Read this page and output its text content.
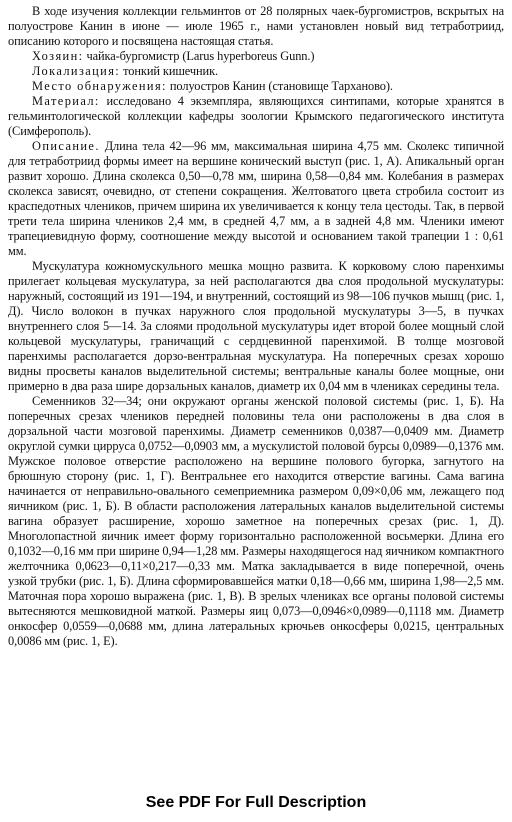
В ходе изучения коллекции гельминтов от 28 полярных чаек-бургомистров, вскрытых на полуострове Канин в июне — июле 1965 г., нами установлен новый вид тетработриид, описанию которого и посвящена настоящая статья.

Хозяин: чайка-бургомистр (Larus hyperboreus Gunn.)

Локализация: тонкий кишечник.

Место обнаружения: полуостров Канин (становище Тарханово).

Материал: исследовано 4 экземпляра, являющихся синтипами, которые хранятся в гельминтологической коллекции кафедры зоологии Крымского педагогического института (Симферополь).

Описание. Длина тела 42—96 мм, максимальная ширина 4,75 мм. Сколекс типичной для тетработриид формы имеет на вершине конический выступ (рис. 1, А). Апикальный орган развит хорошо. Длина сколекса 0,50—0,78 мм, ширина 0,58—0,84 мм. Колебания в размерах сколекса зависят, очевидно, от степени сокращения. Желтоватого цвета стробила состоит из краспедотных члеников, причем ширина их увеличивается к концу тела цестоды. Так, в первой трети тела ширина члеников 2,4 мм, в средней 4,7 мм, а в задней 4,8 мм. Членики имеют трапециевидную форму, соотношение между высотой и основанием такой трапеции 1 : 0,61 мм.

Мускулатура кожномускульного мешка мощно развита. К корковому слою паренхимы прилегает кольцевая мускулатура, за ней располагаются два слоя продольной мускулатуры: наружный, состоящий из 191—194, и внутренний, состоящий из 98—106 пучков мышц (рис. 1, Д). Число волокон в пучках наружного слоя продольной мускулатуры 3—5, в пучках внутреннего слоя 5—14. За слоями продольной мускулатуры идет второй более мощный слой кольцевой мускулатуры, граничащий с сердцевинной паренхимой. В толще мозговой паренхимы располагается дорзо-вентральная мускулатура. На поперечных срезах хорошо видны просветы каналов выделительной системы; вентральные каналы более мощные, они примерно в два раза шире дорзальных каналов, диаметр их 0,04 мм в члениках середины тела.

Семенников 32—34; они окружают органы женской половой системы (рис. 1, Б). На поперечных срезах члеников передней половины тела они расположены в два слоя в дорзальной части мозговой паренхимы. Диаметр семенников 0,0387—0,0409 мм. Диаметр округлой сумки цирруса 0,0752—0,0903 мм, а мускулистой половой бурсы 0,0989—0,1376 мм. Мужское половое отверстие расположено на вершине полового бугорка, загнутого на брюшную сторону (рис. 1, Г). Вентральнее его находится отверстие вагины. Сама вагина начинается от неправильно-овального семеприемника размером 0,09×0,06 мм, лежащего под яичником (рис. 1, Б). В области расположения латеральных каналов выделительной системы вагина образует расширение, хорошо заметное на поперечных срезах (рис. 1, Д). Многолопастной яичник имеет форму горизонтально расположенной восьмерки. Длина его 0,1032—0,16 мм при ширине 0,94—1,28 мм. Размеры находящегося над яичником компактного желточника 0,0623—0,11×0,217—0,33 мм. Матка закладывается в виде поперечной, очень узкой трубки (рис. 1, Б). Длина сформировавшейся матки 0,18—0,66 мм, ширина 1,98—2,5 мм. Маточная пора хорошо выражена (рис. 1, В). В зрелых члениках все органы половой системы вытесняются мешковидной маткой. Размеры яиц 0,073—0,0946×0,0989—0,1118 мм. Диаметр онкосфер 0,0559—0,0688 мм, длина латеральных крючьев онкосферы 0,0215, центральных 0,0086 мм (рис. 1, Е).

See PDF For Full Description
